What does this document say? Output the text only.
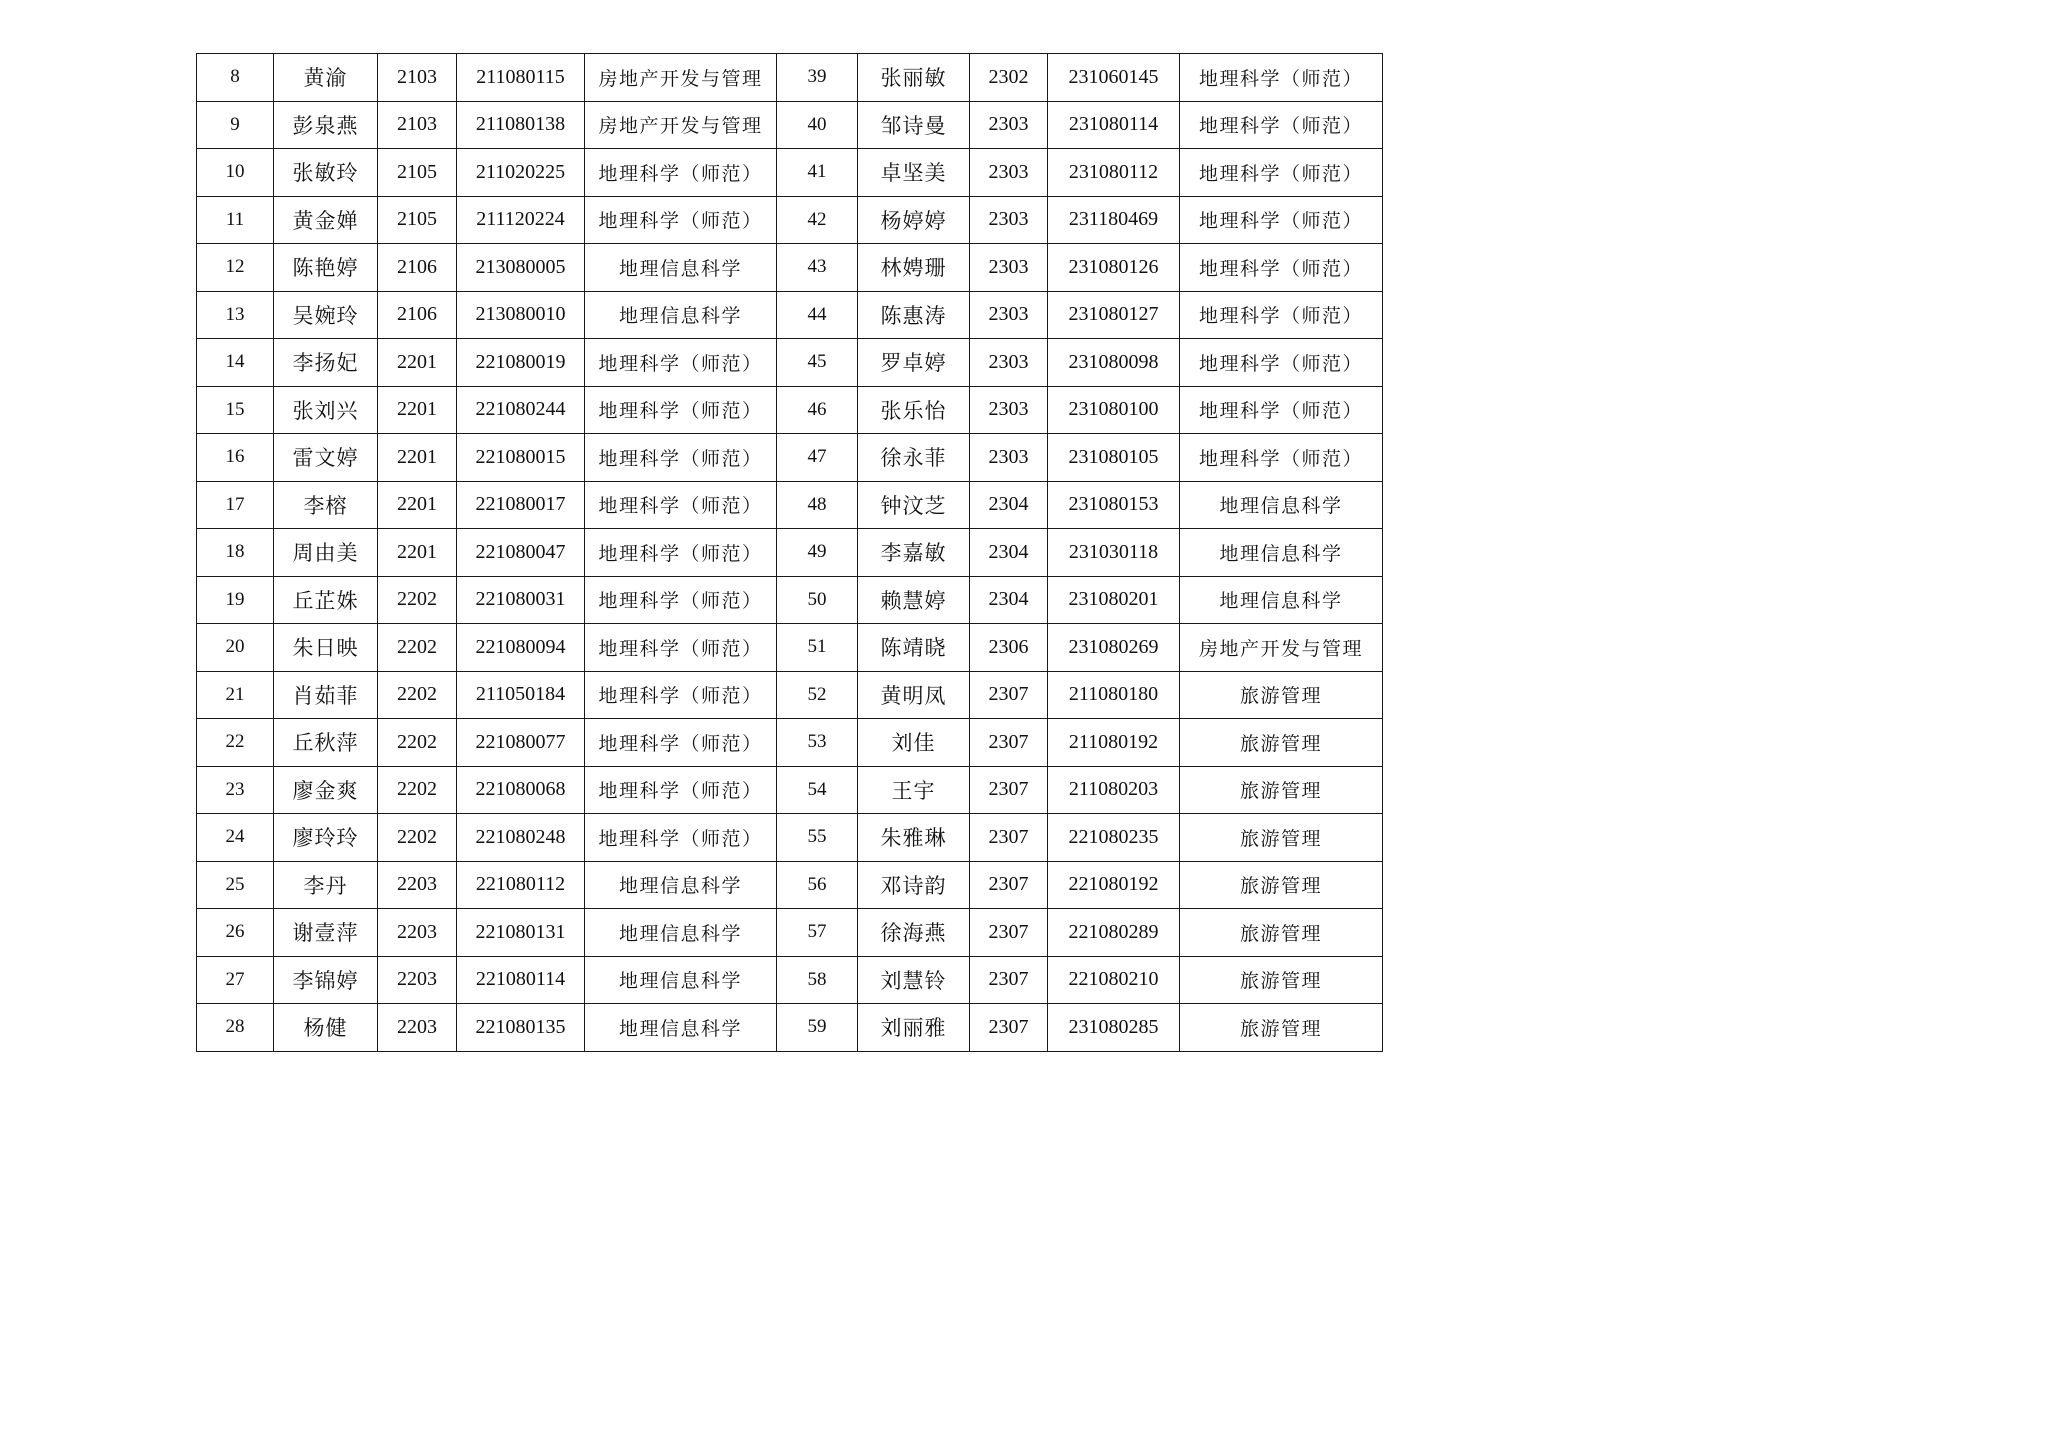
8	黄渝	2103	211080115	房地产开发与管理	39	张丽敏	2302	231060145	地理科学（师范）
9	彭泉燕	2103	211080138	房地产开发与管理	40	邹诗曼	2303	231080114	地理科学（师范）
10	张敏玲	2105	211020225	地理科学（师范）	41	卓坚美	2303	231080112	地理科学（师范）
11	黄金婵	2105	211120224	地理科学（师范）	42	杨婷婷	2303	231180469	地理科学（师范）
12	陈艳婷	2106	213080005	地理信息科学	43	林娉珊	2303	231080126	地理科学（师范）
13	吴婉玲	2106	213080010	地理信息科学	44	陈惠涛	2303	231080127	地理科学（师范）
14	李扬妃	2201	221080019	地理科学（师范）	45	罗卓婷	2303	231080098	地理科学（师范）
15	张刘兴	2201	221080244	地理科学（师范）	46	张乐怡	2303	231080100	地理科学（师范）
16	雷文婷	2201	221080015	地理科学（师范）	47	徐永菲	2303	231080105	地理科学（师范）
17	李榕	2201	221080017	地理科学（师范）	48	钟汶芝	2304	231080153	地理信息科学
18	周由美	2201	221080047	地理科学（师范）	49	李嘉敏	2304	231030118	地理信息科学
19	丘芷姝	2202	221080031	地理科学（师范）	50	赖慧婷	2304	231080201	地理信息科学
20	朱日映	2202	221080094	地理科学（师范）	51	陈靖晓	2306	231080269	房地产开发与管理
21	肖茹菲	2202	211050184	地理科学（师范）	52	黄明凤	2307	211080180	旅游管理
22	丘秋萍	2202	221080077	地理科学（师范）	53	刘佳	2307	211080192	旅游管理
23	廖金爽	2202	221080068	地理科学（师范）	54	王宇	2307	211080203	旅游管理
24	廖玲玲	2202	221080248	地理科学（师范）	55	朱雅琳	2307	221080235	旅游管理
25	李丹	2203	221080112	地理信息科学	56	邓诗韵	2307	221080192	旅游管理
26	谢壹萍	2203	221080131	地理信息科学	57	徐海燕	2307	221080289	旅游管理
27	李锦婷	2203	221080114	地理信息科学	58	刘慧铃	2307	221080210	旅游管理
28	杨健	2203	221080135	地理信息科学	59	刘丽雅	2307	231080285	旅游管理
